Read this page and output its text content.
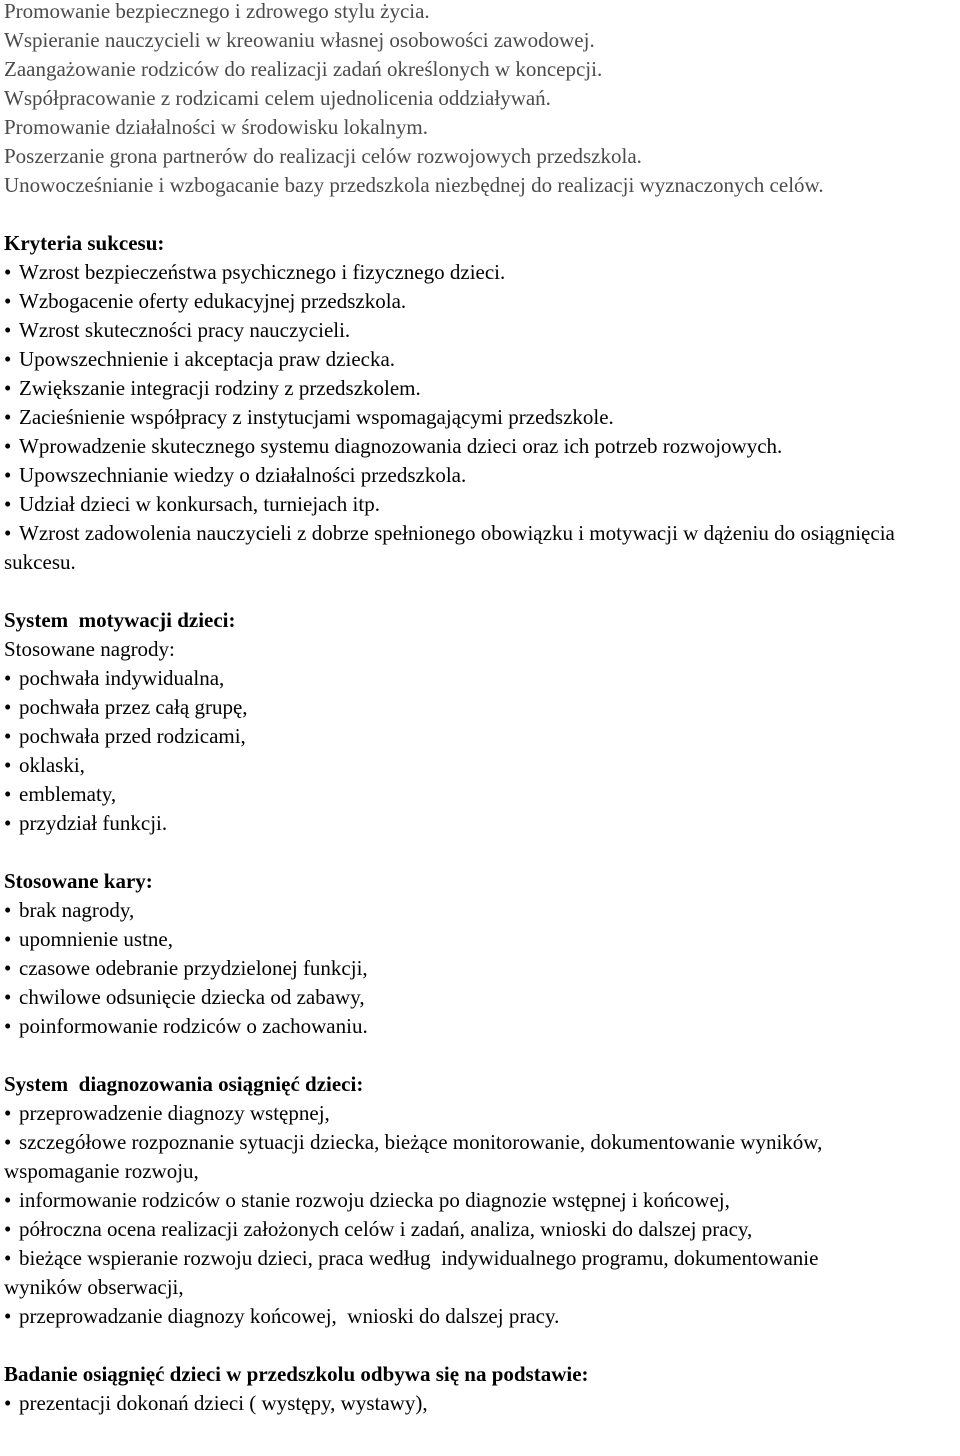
Promowanie bezpiecznego i zdrowego stylu życia.

Wspieranie nauczycieli w kreowaniu własnej osobowości zawodowej.

Zaangażowanie rodziców do realizacji zadań określonych w koncepcji.

Współpracowanie z rodzicami celem ujednolicenia oddziaływań.

Promowanie działalności w środowisku lokalnym.

Poszerzanie grona partnerów do realizacji celów rozwojowych przedszkola.

Unowocześnianie i wzbogacanie bazy przedszkola niezbędnej do realizacji wyznaczonych celów.

Kryteria sukcesu:

• Wzrost bezpieczeństwa psychicznego i fizycznego dzieci.
• Wzbogacenie oferty edukacyjnej przedszkola.
• Wzrost skuteczności pracy nauczycieli.
• Upowszechnienie i akceptacja praw dziecka.
• Zwiększanie integracji rodziny z przedszkolem.
• Zacieśnienie współpracy z instytucjami wspomagającymi przedszkole.
• Wprowadzenie skutecznego systemu diagnozowania dzieci oraz ich potrzeb rozwojowych.
• Upowszechnianie wiedzy o działalności przedszkola.
• Udział dzieci w konkursach, turniejach itp.
• Wzrost zadowolenia nauczycieli z dobrze spełnionego obowiązku i motywacji w dążeniu do osiągnięcia sukcesu.

System  motywacji dzieci:

Stosowane nagrody:

• pochwała indywidualna,
• pochwała przez całą grupę,
• pochwała przed rodzicami,
• oklaski,
• emblematy,
• przydział funkcji.

Stosowane kary:

• brak nagrody,
• upomnienie ustne,
• czasowe odebranie przydzielonej funkcji,
• chwilowe odsunięcie dziecka od zabawy,
• poinformowanie rodziców o zachowaniu.

System  diagnozowania osiągnięć dzieci:

• przeprowadzenie diagnozy wstępnej,
• szczegółowe rozpoznanie sytuacji dziecka, bieżące monitorowanie, dokumentowanie wyników, wspomaganie rozwoju,
• informowanie rodziców o stanie rozwoju dziecka po diagnozie wstępnej i końcowej,
• półroczna ocena realizacji założonych celów i zadań, analiza, wnioski do dalszej pracy,
• bieżące wspieranie rozwoju dzieci, praca według  indywidualnego programu, dokumentowanie wyników obserwacji,
• przeprowadzanie diagnozy końcowej,  wnioski do dalszej pracy.

Badanie osiągnięć dzieci w przedszkolu odbywa się na podstawie:

• prezentacji dokonań dzieci ( występy, wystawy),
